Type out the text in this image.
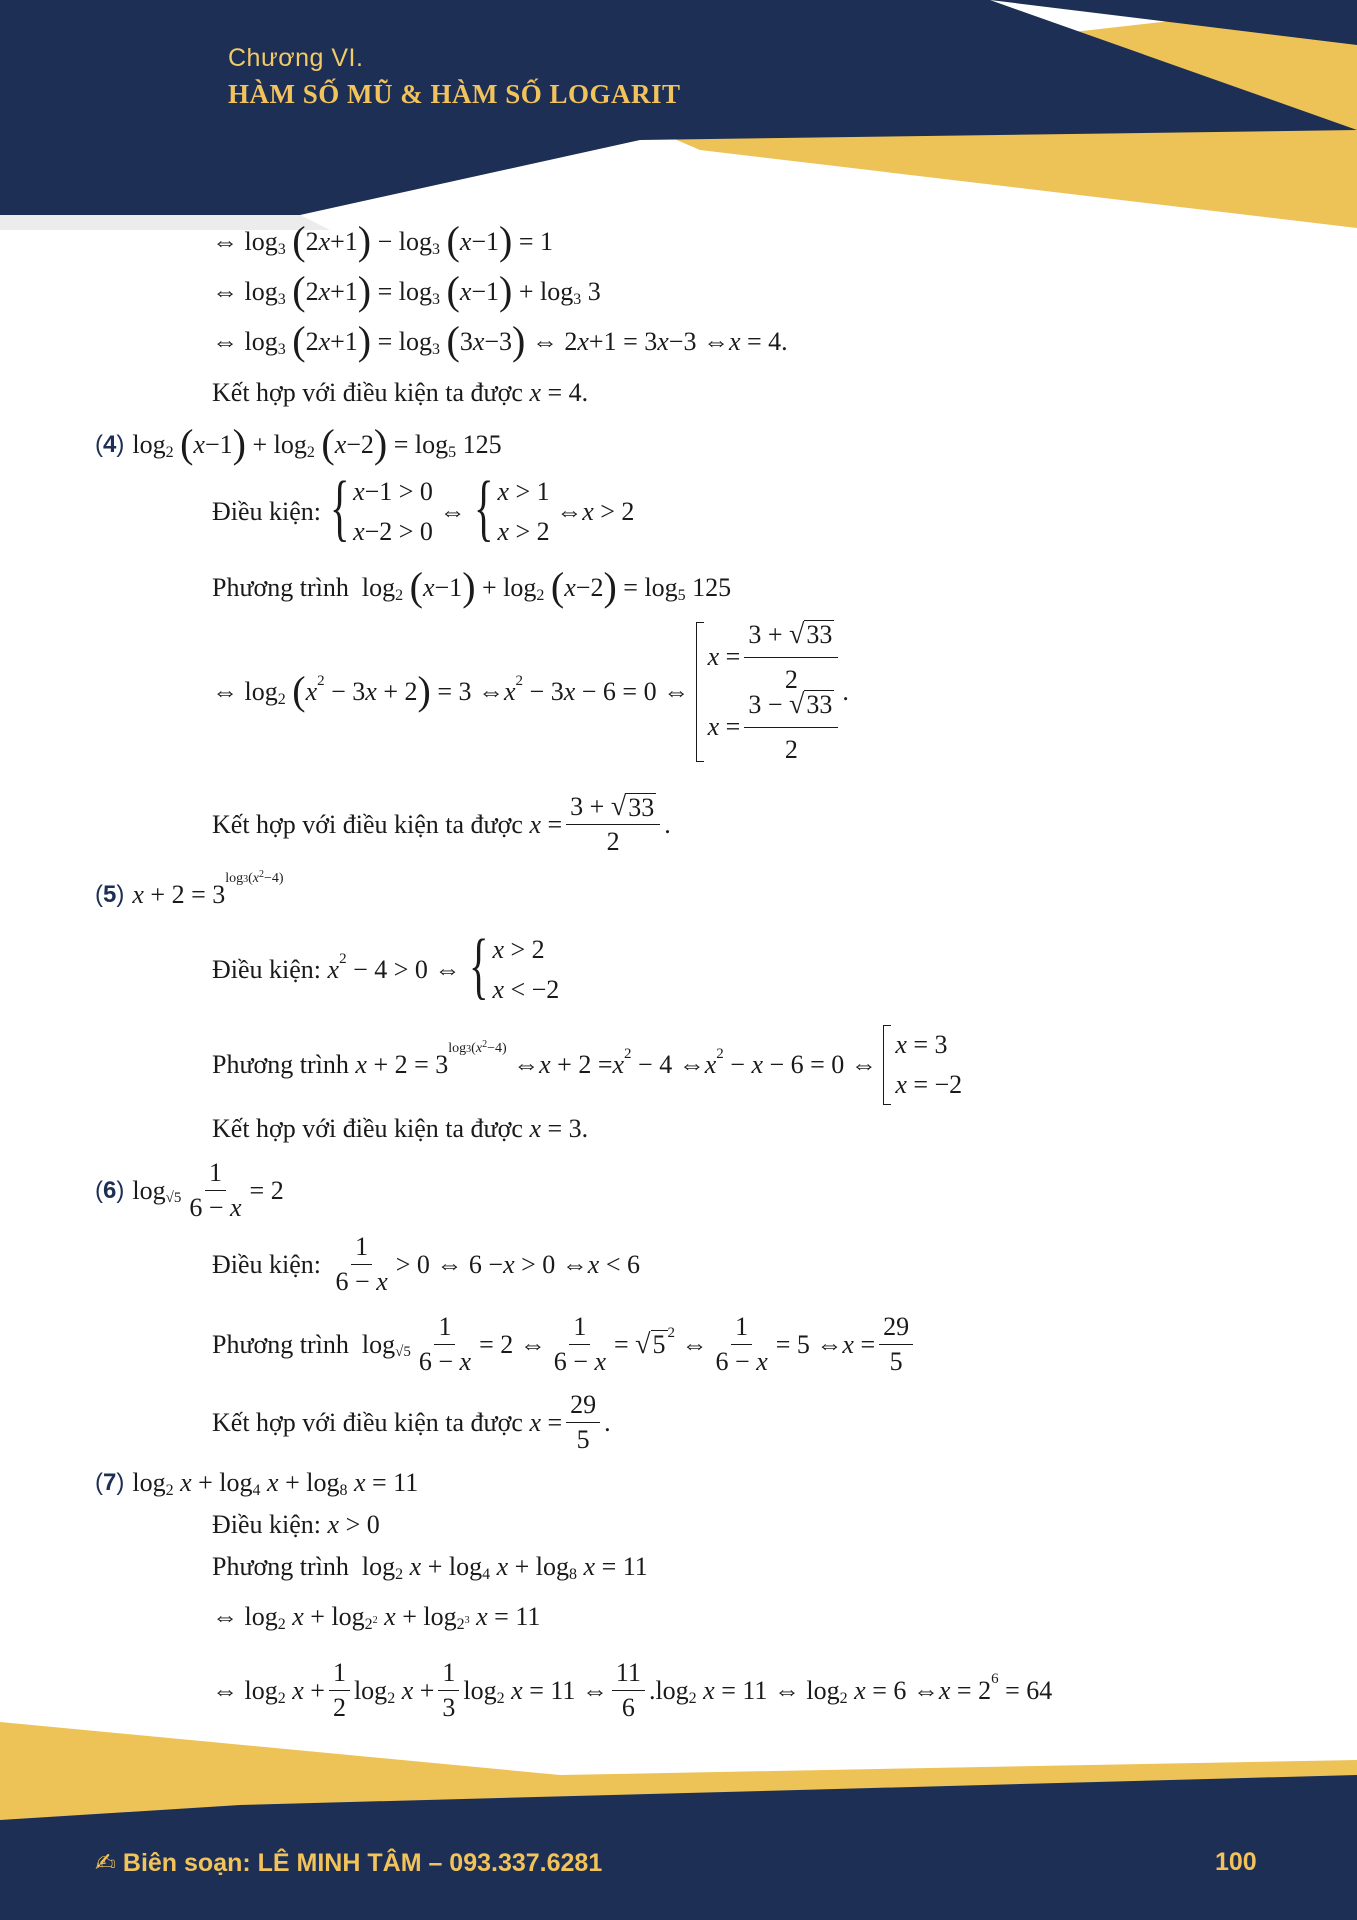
Chương VI.
HÀM SỐ MŨ & HÀM SỐ LOGARIT
⇔ log 3
( 2 x +1 ) − log 3
( x −1 ) = 1
⇔ log 3
( 2 x +1 ) = log 3
( x −1 ) + log 3 3
⇔ log 3
( 2 x +1 ) = log 3
( 3 x −3 ) ⇔ 2 x +1 = 3 x −3 ⇔ x = 4.
Kết hợp với điều kiện ta được
x = 4.
(4) log 2
( x −1 ) + log 2
( x −2 ) = log 5 125
Điều kiện:
{ x−1 > 0
x−2 > 0
⇔ { x > 1
x > 2
⇔ x > 2
Phương trình log 2
( x −1 ) + log 2
( x −2 ) = log 5 125
⇔ log 2
( x 2 − 3 x + 2 ) = 3 ⇔ x 2 − 3 x − 6 = 0 ⇔
$x = \frac{3 + √ 33}{2}$
$x = \frac{3 - √ 33}{2}$ .
Kết hợp với điều kiện ta được
$x = \frac{3 + √ 33}{2}$ .
(5) x + 2 = 3
$\log 3(x^2-4)$
Điều kiện:
x 2 − 4 > 0 ⇔ { x > 2
x < −2
Phương trình
x + 2 = 3
$\log 3(x^2-4)$
⇔ x + 2 = x 2 − 4 ⇔ x 2 − x − 6 = 0 ⇔
x = 3
x = −2
Kết hợp với điều kiện ta được
x = 3.
(6) $\log √5 \frac{1}{6 - x} = 2$
Điều kiện:
$\frac{1}{6 - x} > 0$ ⇔ 6 − x > 0 ⇔ x < 6
Phương trình $\log √5 \frac{1}{6 - x} = 2$ ⇔ $\frac{1}{6 - x}$ = √ 5 2 ⇔ $\frac{1}{6 - x} = 5$ ⇔ $x = \frac{29}{5}$
Kết hợp với điều kiện ta được
$x = \frac{29}{5}$ .
(7) log 2
x + log 4
x + log 8
x = 11
Điều kiện:
x > 0
Phương trình log 2
x + log 4
x + log 8
x = 11
⇔ log 2
$x + \log 2^2$
$x + \log 2^3$
x = 11
⇔ log 2
$x + \frac{1}{2}$ log 2
$x + \frac{1}{3}$ log 2
x = 11 ⇔ $\frac{11}{6} .\log$ 2
x = 11 ⇔ log 2
x = 6 ⇔ x = 2 6 = 64
✍ Biên soạn: LÊ MINH TÂM – 093.337.6281	100
